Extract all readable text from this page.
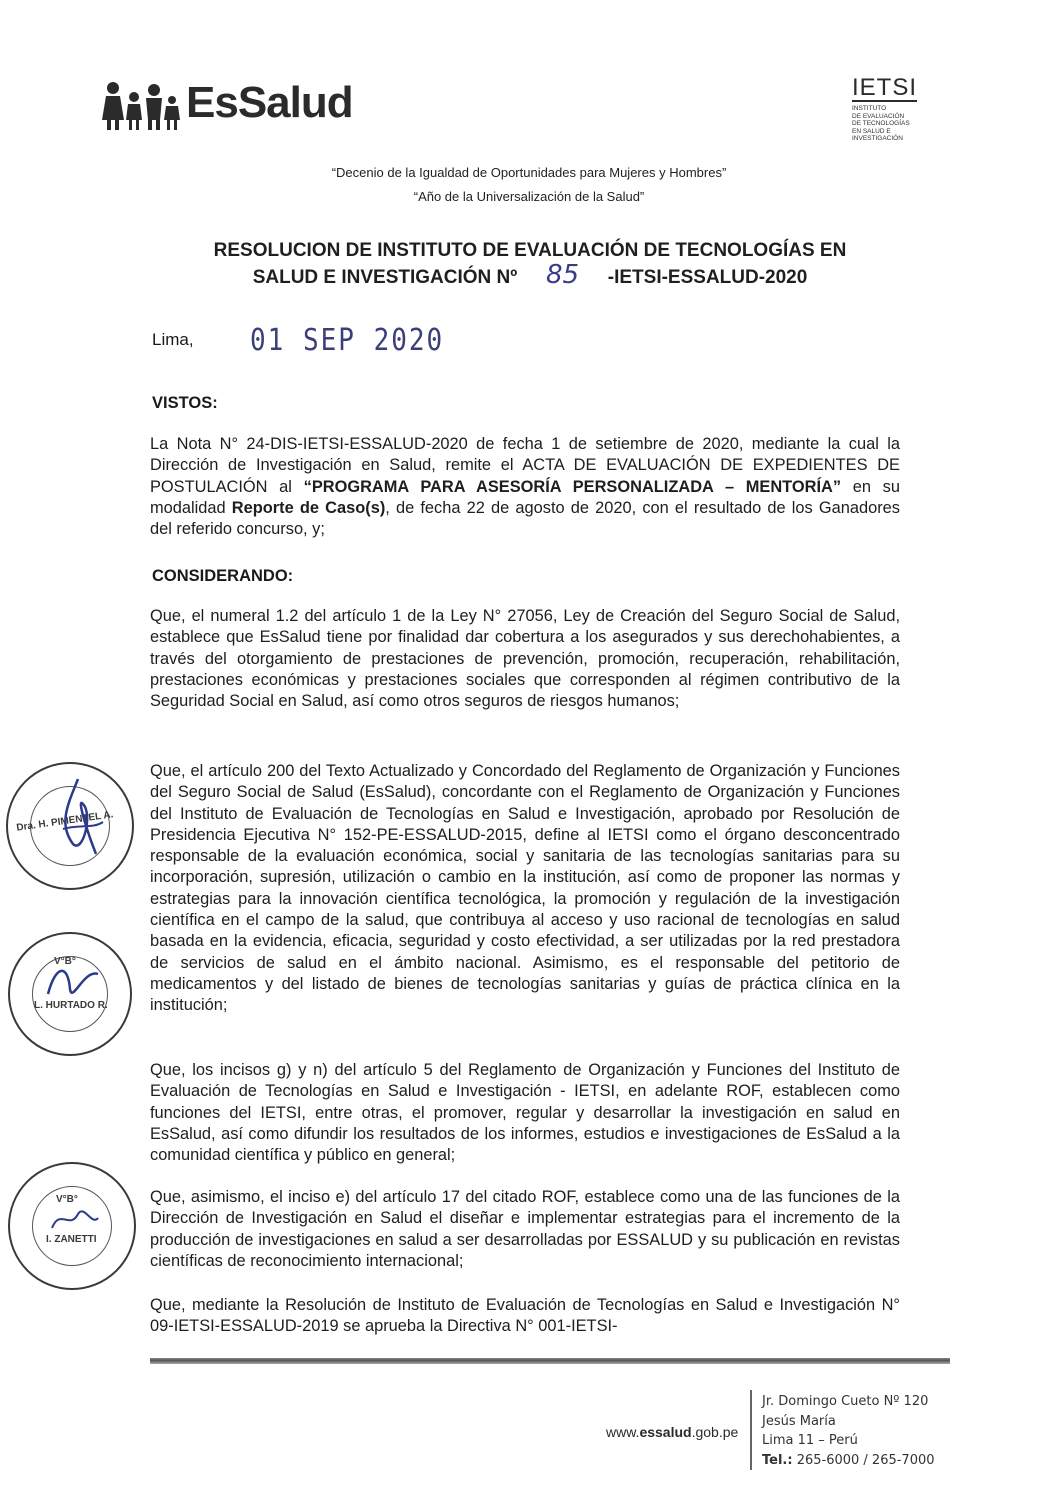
EsSalud	IETSI
INSTITUTO
DE EVALUACIÓN
DE TECNOLOGÍAS
EN SALUD E
INVESTIGACIÓN
“Decenio de la Igualdad de Oportunidades para Mujeres y Hombres”
“Año de la Universalización de la Salud”
RESOLUCION DE INSTITUTO DE EVALUACIÓN DE TECNOLOGÍAS EN
SALUD E INVESTIGACIÓN Nº 85 -IETSI-ESSALUD-2020
Lima, 01 SEP 2020
VISTOS:
La Nota N° 24-DIS-IETSI-ESSALUD-2020 de fecha 1 de setiembre de 2020, mediante la cual la Dirección de Investigación en Salud, remite el ACTA DE EVALUACIÓN DE EXPEDIENTES DE POSTULACIÓN al “PROGRAMA PARA ASESORÍA PERSONALIZADA – MENTORÍA” en su modalidad Reporte de Caso(s), de fecha 22 de agosto de 2020, con el resultado de los Ganadores del referido concurso, y;
CONSIDERANDO:
Que, el numeral 1.2 del artículo 1 de la Ley N° 27056, Ley de Creación del Seguro Social de Salud, establece que EsSalud tiene por finalidad dar cobertura a los asegurados y sus derechohabientes, a través del otorgamiento de prestaciones de prevención, promoción, recuperación, rehabilitación, prestaciones económicas y prestaciones sociales que corresponden al régimen contributivo de la Seguridad Social en Salud, así como otros seguros de riesgos humanos;
Que, el artículo 200 del Texto Actualizado y Concordado del Reglamento de Organización y Funciones del Seguro Social de Salud (EsSalud), concordante con el Reglamento de Organización y Funciones del Instituto de Evaluación de Tecnologías en Salud e Investigación, aprobado por Resolución de Presidencia Ejecutiva N° 152-PE-ESSALUD-2015, define al IETSI como el órgano desconcentrado responsable de la evaluación económica, social y sanitaria de las tecnologías sanitarias para su incorporación, supresión, utilización o cambio en la institución, así como de proponer las normas y estrategias para la innovación científica tecnológica, la promoción y regulación de la investigación científica en el campo de la salud, que contribuya al acceso y uso racional de tecnologías en salud basada en la evidencia, eficacia, seguridad y costo efectividad, a ser utilizadas por la red prestadora de servicios de salud en el ámbito nacional. Asimismo, es el responsable del petitorio de medicamentos y del listado de bienes de tecnologías sanitarias y guías de práctica clínica en la institución;
Que, los incisos g) y n) del artículo 5 del Reglamento de Organización y Funciones del Instituto de Evaluación de Tecnologías en Salud e Investigación - IETSI, en adelante ROF, establecen como funciones del IETSI, entre otras, el promover, regular y desarrollar la investigación en salud en EsSalud, así como difundir los resultados de los informes, estudios e investigaciones de EsSalud a la comunidad científica y público en general;
Que, asimismo, el inciso e) del artículo 17 del citado ROF, establece como una de las funciones de la Dirección de Investigación en Salud el diseñar e implementar estrategias para el incremento de la producción de investigaciones en salud a ser desarrolladas por ESSALUD y su publicación en revistas científicas de reconocimiento internacional;
Que, mediante la Resolución de Instituto de Evaluación de Tecnologías en Salud e Investigación N° 09-IETSI-ESSALUD-2019 se aprueba la Directiva N° 001-IETSI-
Dra. H. PIMENTEL A.
V°B°
L. HURTADO R.
V°B°
I. ZANETTI
www.essalud.gob.pe
Jr. Domingo Cueto Nº 120
Jesús María
Lima 11 – Perú
Tel.: 265-6000 / 265-7000
